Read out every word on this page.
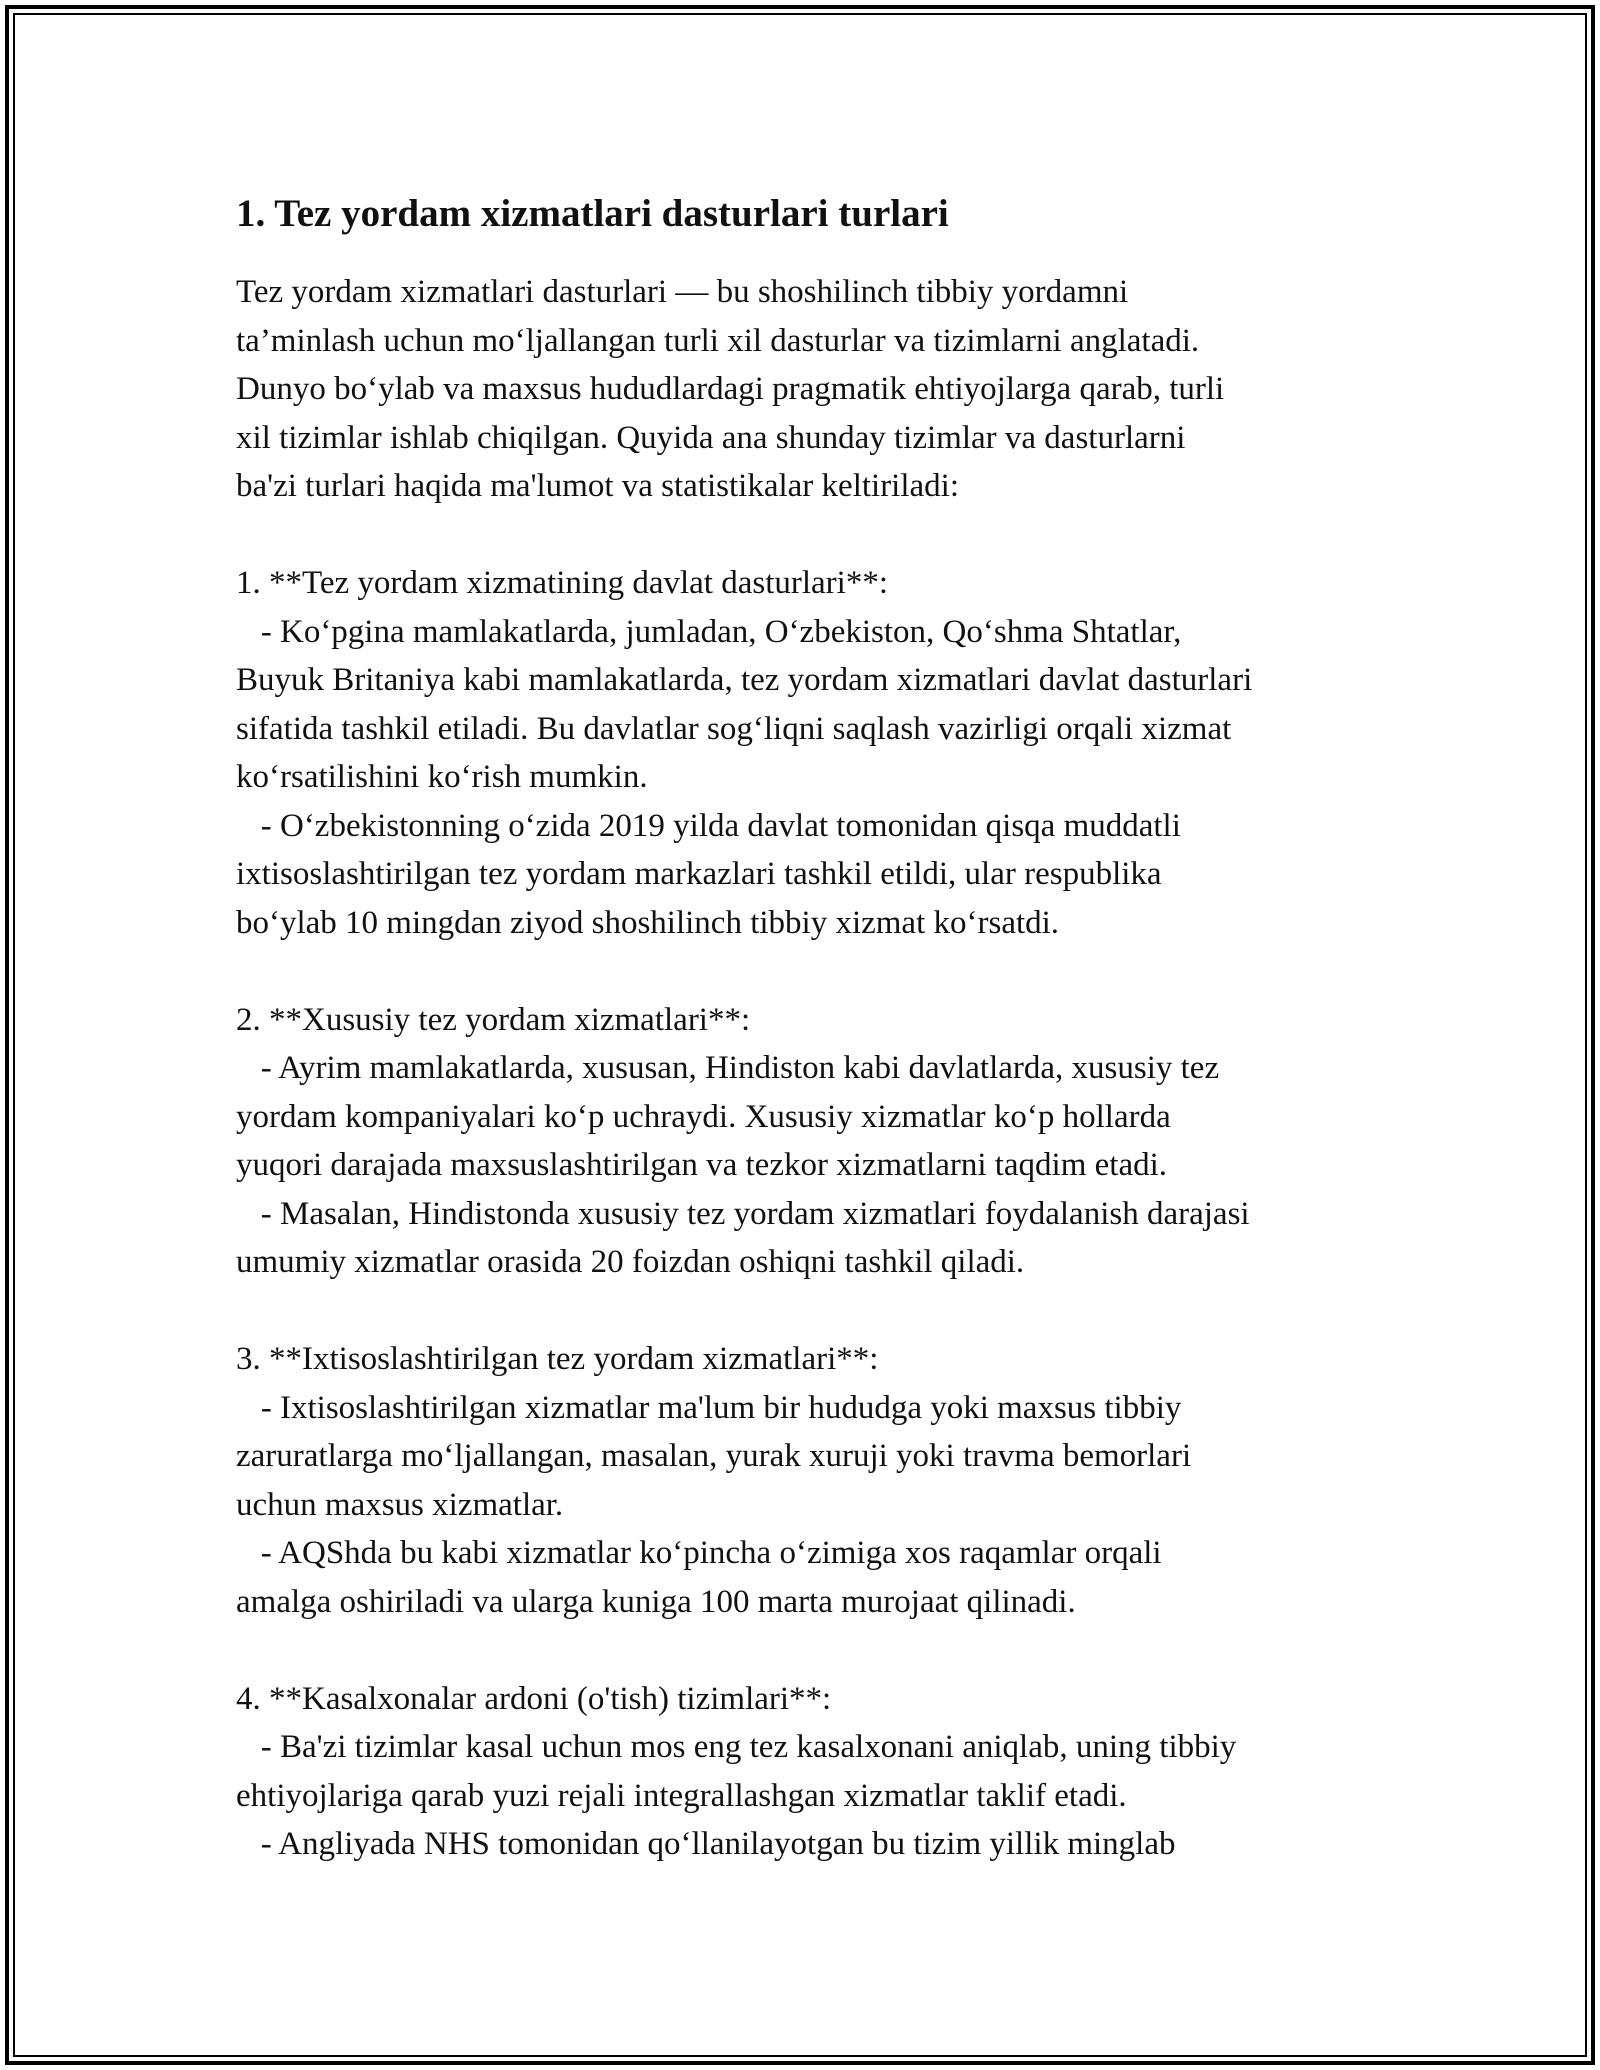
1. Tez yordam xizmatlari dasturlari turlari
Tez yordam xizmatlari dasturlari — bu shoshilinch tibbiy yordamni
ta’minlash uchun mo‘ljallangan turli xil dasturlar va tizimlarni anglatadi.
Dunyo bo‘ylab va maxsus hududlardagi pragmatik ehtiyojlarga qarab, turli
xil tizimlar ishlab chiqilgan. Quyida ana shunday tizimlar va dasturlarni
ba'zi turlari haqida ma'lumot va statistikalar keltiriladi:
1. **Tez yordam xizmatining davlat dasturlari**:
- Ko‘pgina mamlakatlarda, jumladan, O‘zbekiston, Qo‘shma Shtatlar,
Buyuk Britaniya kabi mamlakatlarda, tez yordam xizmatlari davlat dasturlari
sifatida tashkil etiladi. Bu davlatlar sog‘liqni saqlash vazirligi orqali xizmat
ko‘rsatilishini ko‘rish mumkin.
- O‘zbekistonning o‘zida 2019 yilda davlat tomonidan qisqa muddatli
ixtisoslashtirilgan tez yordam markazlari tashkil etildi, ular respublika
bo‘ylab 10 mingdan ziyod shoshilinch tibbiy xizmat ko‘rsatdi.
2. **Xususiy tez yordam xizmatlari**:
- Ayrim mamlakatlarda, xususan, Hindiston kabi davlatlarda, xususiy tez
yordam kompaniyalari ko‘p uchraydi. Xususiy xizmatlar ko‘p hollarda
yuqori darajada maxsuslashtirilgan va tezkor xizmatlarni taqdim etadi.
- Masalan, Hindistonda xususiy tez yordam xizmatlari foydalanish darajasi
umumiy xizmatlar orasida 20 foizdan oshiqni tashkil qiladi.
3. **Ixtisoslashtirilgan tez yordam xizmatlari**:
- Ixtisoslashtirilgan xizmatlar ma'lum bir hududga yoki maxsus tibbiy
zaruratlarga mo‘ljallangan, masalan, yurak xuruji yoki travma bemorlari
uchun maxsus xizmatlar.
- AQShda bu kabi xizmatlar ko‘pincha o‘zimiga xos raqamlar orqali
amalga oshiriladi va ularga kuniga 100 marta murojaat qilinadi.
4. **Kasalxonalar ardoni (o'tish) tizimlari**:
- Ba'zi tizimlar kasal uchun mos eng tez kasalxonani aniqlab, uning tibbiy
ehtiyojlariga qarab yuzi rejali integrallashgan xizmatlar taklif etadi.
- Angliyada NHS tomonidan qo‘llanilayotgan bu tizim yillik minglab
